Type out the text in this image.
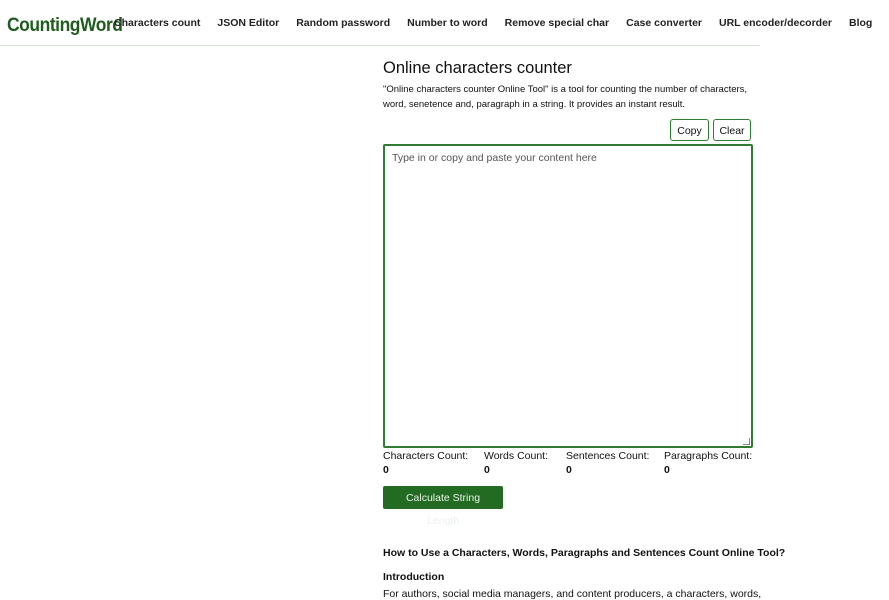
CountingWord
Characters count JSON Editor Random password Number to word Remove special char Case converter URL encoder/decorder Blog
Online characters counter
"Online characters counter Online Tool" is a tool for counting the number of characters, word, senetence and, paragraph in a string. It provides an instant result.
Copy	Clear
Type in or copy and paste your content here
Characters Count:
0
Words Count:
0
Sentences Count:
0
Paragraphs Count:
0
Calculate String Length
How to Use a Characters, Words, Paragraphs and Sentences Count Online Tool?
Introduction
For authors, social media managers, and content producers, a characters, words,
